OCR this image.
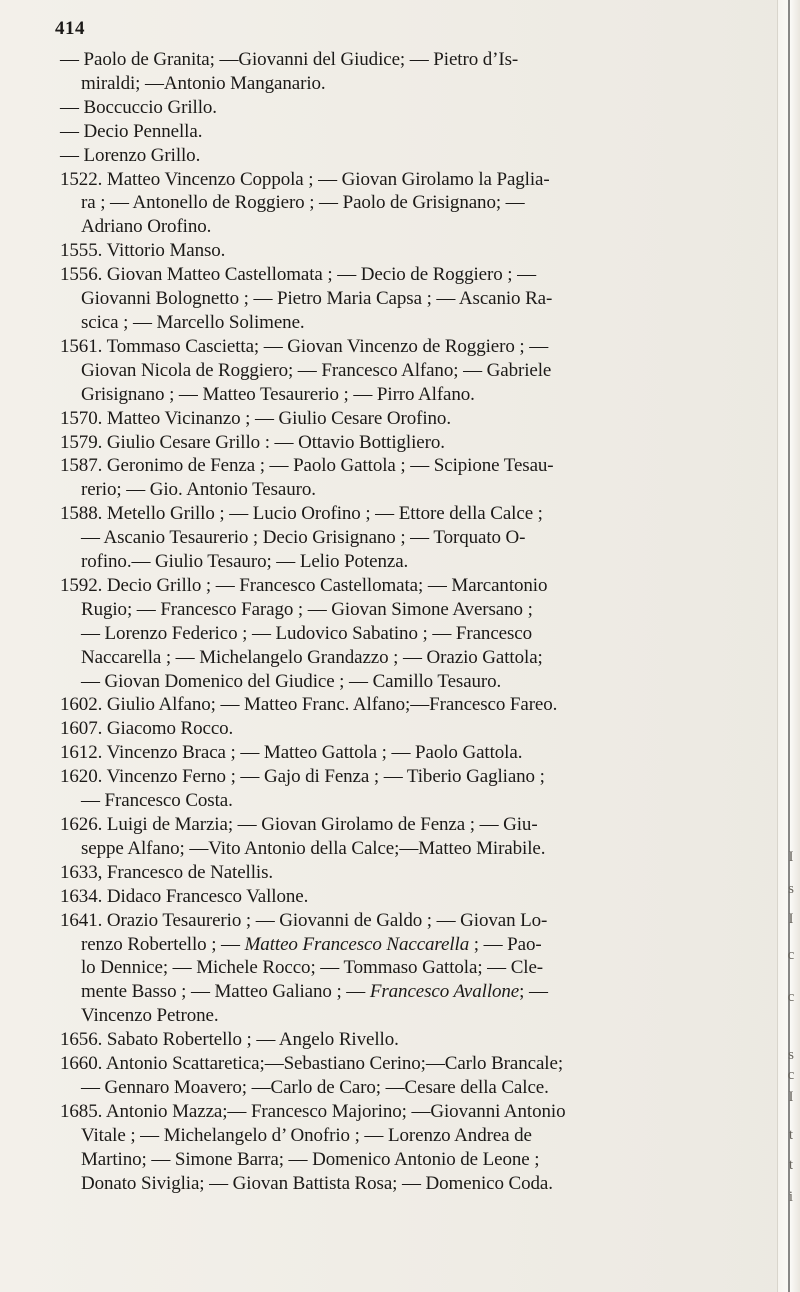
414
— Paolo de Granita; —Giovanni del Giudice; — Pietro d’Is-
miraldi; —Antonio Manganario.
— Boccuccio Grillo.
— Decio Pennella.
— Lorenzo Grillo.
1522. Matteo Vincenzo Coppola ; — Giovan Girolamo la Paglia-
ra ; — Antonello de Roggiero ; — Paolo de Grisignano; —
Adriano Orofino.
1555. Vittorio Manso.
1556. Giovan Matteo Castellomata ; — Decio de Roggiero ; —
Giovanni Bolognetto ; — Pietro Maria Capsa ; — Ascanio Ra-
scica ; — Marcello Solimene.
1561. Tommaso Cascietta; — Giovan Vincenzo de Roggiero ; —
Giovan Nicola de Roggiero; — Francesco Alfano; — Gabriele
Grisignano ; — Matteo Tesaurerio ; — Pirro Alfano.
1570. Matteo Vicinanzo ; — Giulio Cesare Orofino.
1579. Giulio Cesare Grillo : — Ottavio Bottigliero.
1587. Geronimo de Fenza ; — Paolo Gattola ; — Scipione Tesau-
rerio; — Gio. Antonio Tesauro.
1588. Metello Grillo ; — Lucio Orofino ; — Ettore della Calce ;
— Ascanio Tesaurerio ; Decio Grisignano ; — Torquato O-
rofino.— Giulio Tesauro; — Lelio Potenza.
1592. Decio Grillo ; — Francesco Castellomata; — Marcantonio
Rugio; — Francesco Farago ; — Giovan Simone Aversano ;
— Lorenzo Federico ; — Ludovico Sabatino ; — Francesco
Naccarella ; — Michelangelo Grandazzo ; — Orazio Gattola;
— Giovan Domenico del Giudice ; — Camillo Tesauro.
1602. Giulio Alfano; — Matteo Franc. Alfano;—Francesco Fareo.
1607. Giacomo Rocco.
1612. Vincenzo Braca ; — Matteo Gattola ; — Paolo Gattola.
1620. Vincenzo Ferno ; — Gajo di Fenza ; — Tiberio Gagliano ;
— Francesco Costa.
1626. Luigi de Marzia; — Giovan Girolamo de Fenza ; — Giu-
seppe Alfano; —Vito Antonio della Calce;—Matteo Mirabile.
1633, Francesco de Natellis.
1634. Didaco Francesco Vallone.
1641. Orazio Tesaurerio ; — Giovanni de Galdo ; — Giovan Lo-
renzo Robertello ; — Matteo Francesco Naccarella ; — Pao-
lo Dennice; — Michele Rocco; — Tommaso Gattola; — Cle-
mente Basso ; — Matteo Galiano ; — Francesco Avallone; —
Vincenzo Petrone.
1656. Sabato Robertello ; — Angelo Rivello.
1660. Antonio Scattaretica;—Sebastiano Cerino;—Carlo Brancale;
— Gennaro Moavero; —Carlo de Caro; —Cesare della Calce.
1685. Antonio Mazza;— Francesco Majorino; —Giovanni Antonio
Vitale ; — Michelangelo d’ Onofrio ; — Lorenzo Andrea de
Martino; — Simone Barra; — Domenico Antonio de Leone ;
Donato Siviglia; — Giovan Battista Rosa; — Domenico Coda.
I
s
I
c
c
s
c
I
t
t
i
